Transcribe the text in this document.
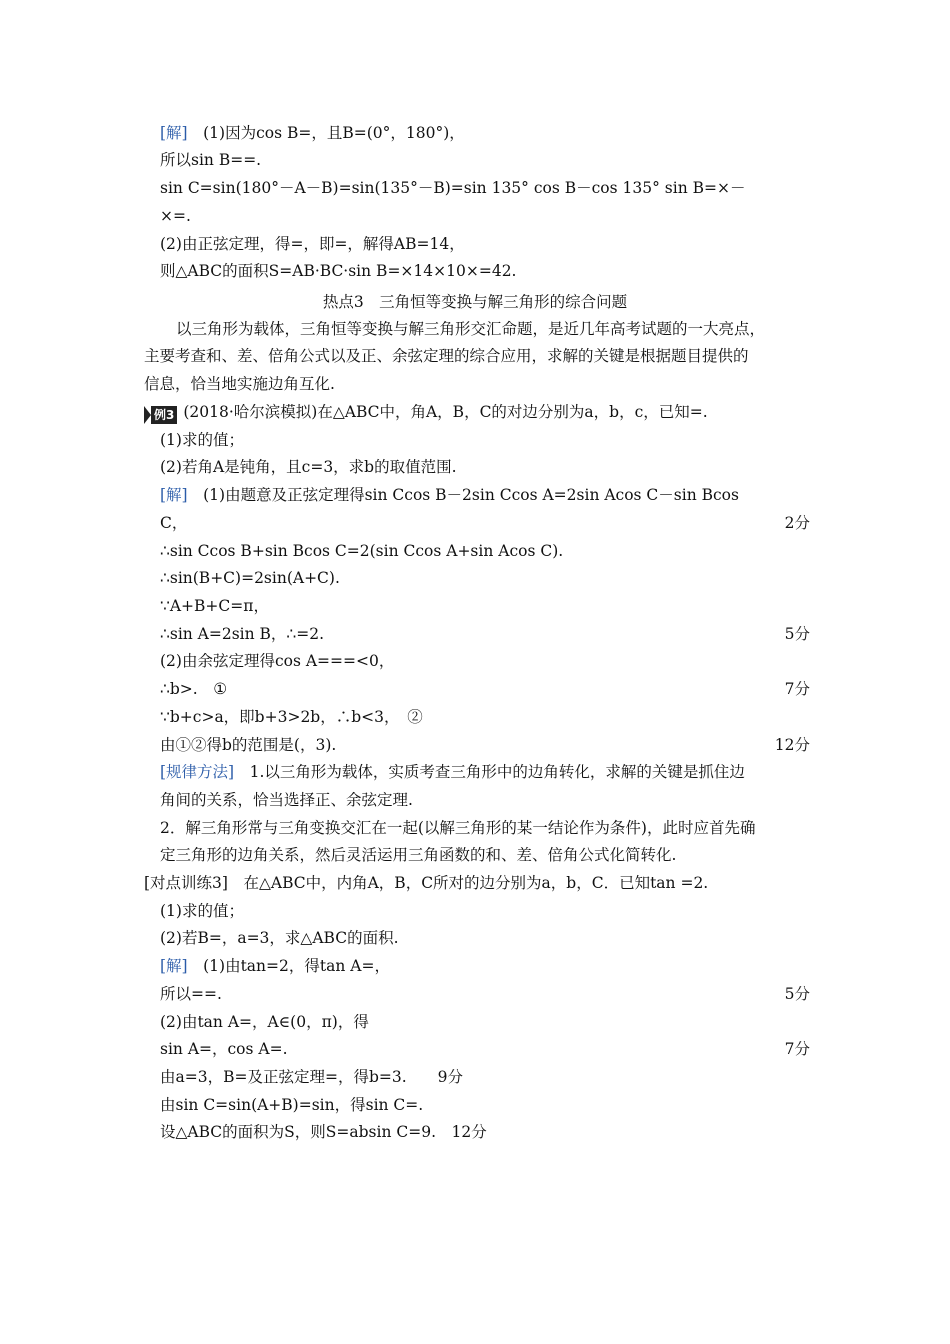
[解]　 (1)因为cos B=，且B=(0°，180°)，
所以sin B==.
sin C=sin(180°－A－B)=sin(135°－B)=sin 135° cos B－cos 135° sin B=×－
×=.
(2)由正弦定理，得=，即=，解得AB=14，
则△ABC的面积S=AB·BC·sin B=×14×10×=42.
热点3　三角恒等变换与解三角形的综合问题
以三角形为载体，三角恒等变换与解三角形交汇命题，是近几年高考试题的一大亮点，
主要考查和、差、倍角公式以及正、余弦定理的综合应用，求解的关键是根据题目提供的
信息，恰当地实施边角互化.
例3 (2018·哈尔滨模拟)在△ABC中，角A，B，C的对边分别为a，b，c，已知=.
(1)求的值；
(2)若角A是钝角，且c=3，求b的取值范围.
[解]　 (1)由题意及正弦定理得sin Ccos B－2sin Ccos A=2sin Acos C－sin Bcos
C，	2分
∴sin Ccos B+sin Bcos C=2(sin Ccos A+sin Acos C).
∴sin(B+C)=2sin(A+C).
∵A+B+C=π，
∴sin A=2sin B，∴=2.	5分
(2)由余弦定理得cos A===<0，
∴b>.　①	7分
∵b+c>a，即b+3>2b，∴b<3，　②
由①②得b的范围是(，3).	12分
[规律方法]　 1.以三角形为载体，实质考查三角形中的边角转化，求解的关键是抓住边
角间的关系，恰当选择正、余弦定理.
2．解三角形常与三角变换交汇在一起(以解三角形的某一结论作为条件)，此时应首先确
定三角形的边角关系，然后灵活运用三角函数的和、差、倍角公式化简转化.
[对点训练3]　在△ABC中，内角A，B，C所对的边分别为a，b，C．已知tan =2.
(1)求的值；
(2)若B=，a=3，求△ABC的面积.
[解]　 (1)由tan=2，得tan A=，
所以==.	5分
(2)由tan A=，A∈(0，π)，得
sin A=，cos A=.	7分
由a=3，B=及正弦定理=，得b=3.　　9分
由sin C=sin(A+B)=sin，得sin C=.
设△ABC的面积为S，则S=absin C=9.　12分
